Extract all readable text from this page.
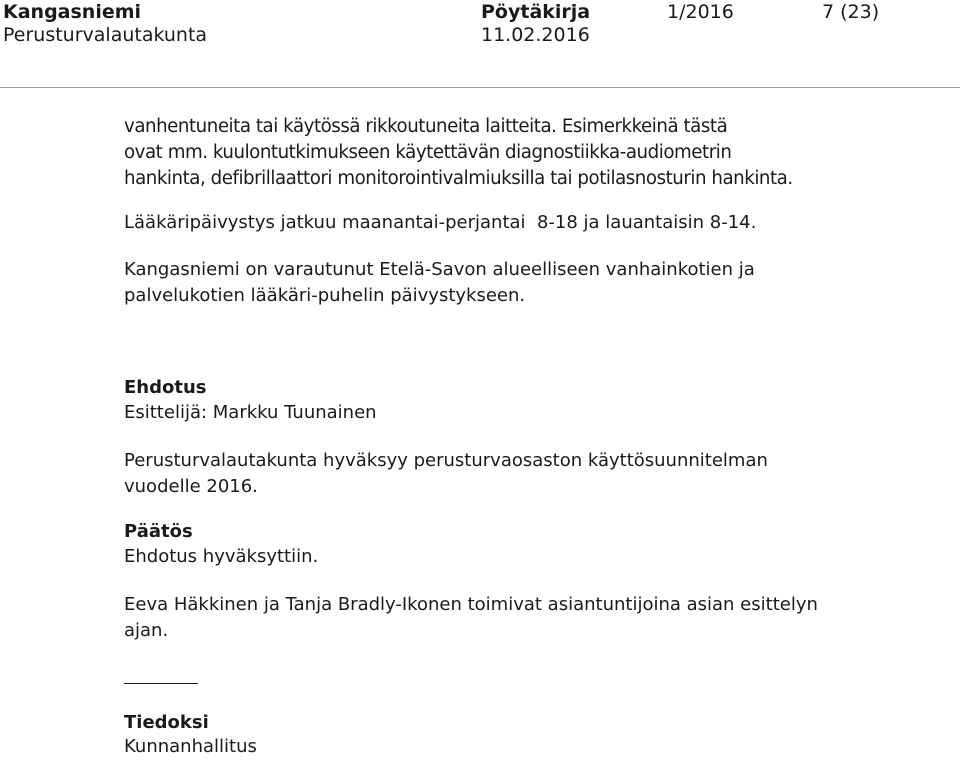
Kangasniemi	Pöytäkirja	1/2016	7 (23)
Perusturvalautakunta	11.02.2016
vanhentuneita tai käytössä rikkoutuneita laitteita. Esimerkkeinä tästä
ovat mm. kuulontutkimukseen käytettävän diagnostiikka-audiometrin
hankinta, defibrillaattori monitorointivalmiuksilla tai potilasnosturin hankinta.
Lääkäripäivystys jatkuu maanantai-perjantai  8-18 ja lauantaisin 8-14.
Kangasniemi on varautunut Etelä-Savon alueelliseen vanhainkotien ja
palvelukotien lääkäri-puhelin päivystykseen.
Ehdotus
Esittelijä: Markku Tuunainen
Perusturvalautakunta hyväksyy perusturvaosaston käyttösuunnitelman
vuodelle 2016.
Päätös
Ehdotus hyväksyttiin.
Eeva Häkkinen ja Tanja Bradly-Ikonen toimivat asiantuntijoina asian esittelyn
ajan.
Tiedoksi
Kunnanhallitus
